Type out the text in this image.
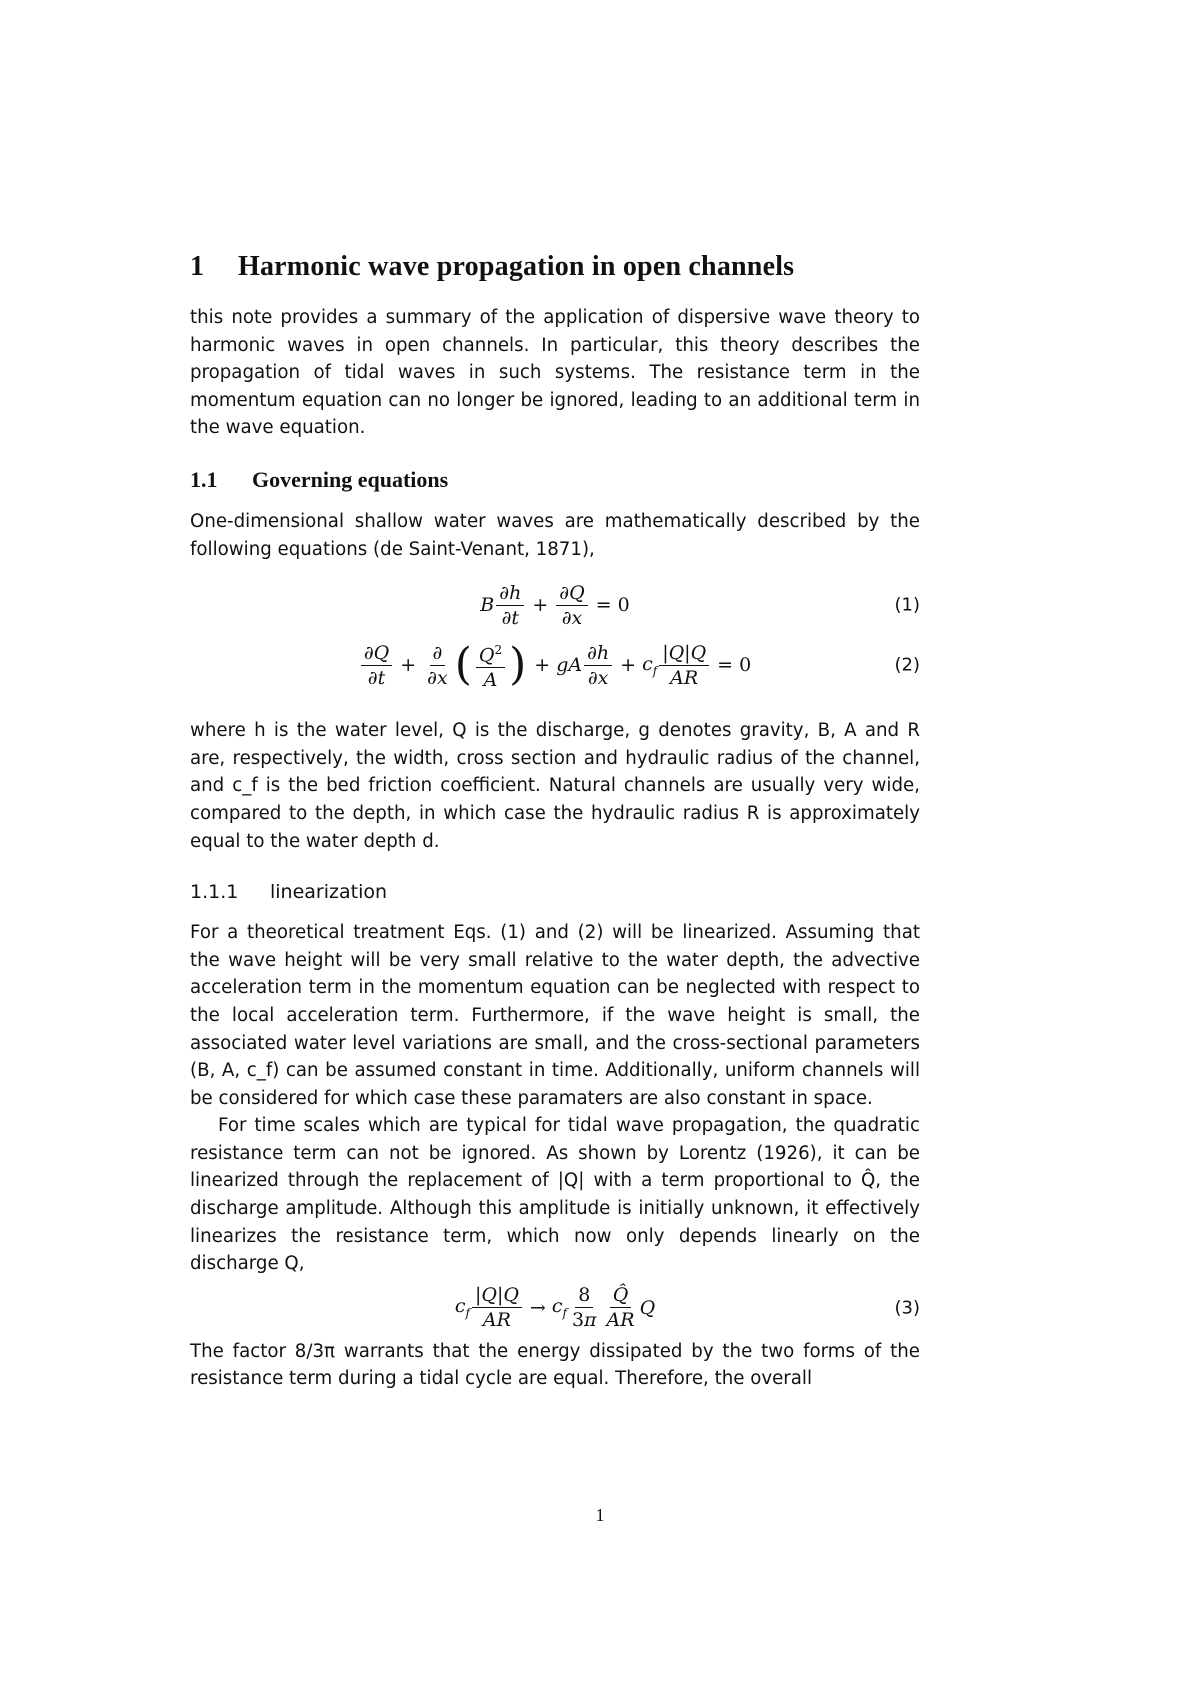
1 Harmonic wave propagation in open channels

this note provides a summary of the application of dispersive wave theory to harmonic waves in open channels. In particular, this theory describes the propagation of tidal waves in such systems. The resistance term in the momentum equation can no longer be ignored, leading to an additional term in the wave equation.

1.1 Governing equations

One-dimensional shallow water waves are mathematically described by the following equations (de Saint-Venant, 1871),

B $\frac{\partial h}{\partial t} + \frac{\partial Q}{\partial x} = 0$	(1)
$\frac{\partial Q}{\partial t} + \frac{\partial}{\partial x}$ ( $\frac{Q^2}{A}$ ) + gA $\frac{\partial h}{\partial x} + c_f \frac{|Q|Q}{AR} = 0$	(2)

where h is the water level, Q is the discharge, g denotes gravity, B, A and R are, respectively, the width, cross section and hydraulic radius of the channel, and c_f is the bed friction coefficient. Natural channels are usually very wide, compared to the depth, in which case the hydraulic radius R is approximately equal to the water depth d.

1.1.1 linearization

For a theoretical treatment Eqs. (1) and (2) will be linearized. Assuming that the wave height will be very small relative to the water depth, the advective acceleration term in the momentum equation can be neglected with respect to the local acceleration term. Furthermore, if the wave height is small, the associated water level variations are small, and the cross-sectional parameters (B, A, c_f) can be assumed constant in time. Additionally, uniform channels will be considered for which case these paramaters are also constant in space.

For time scales which are typical for tidal wave propagation, the quadratic resistance term can not be ignored. As shown by Lorentz (1926), it can be linearized through the replacement of |Q| with a term proportional to Q̂, the discharge amplitude. Although this amplitude is initially unknown, it effectively linearizes the resistance term, which now only depends linearly on the discharge Q,

$c_f \frac{|Q|Q}{AR} \to c_f \frac{8}{3\pi} \frac{Q̂}{AR}$ Q	(3)

The factor 8/3π warrants that the energy dissipated by the two forms of the resistance term during a tidal cycle are equal. Therefore, the overall

1
